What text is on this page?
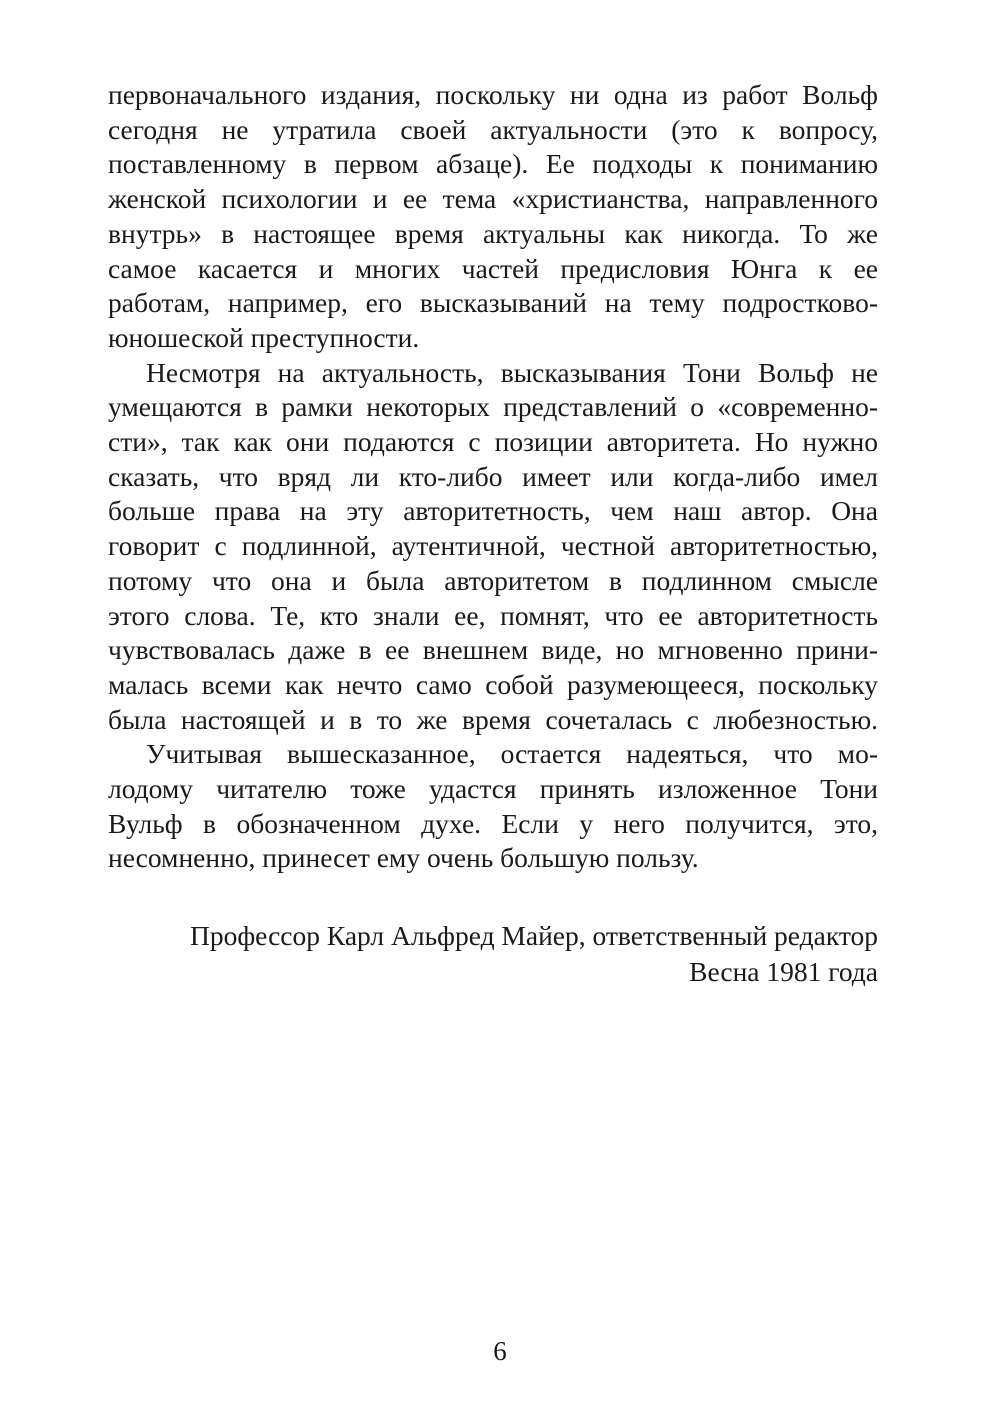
первоначального издания, поскольку ни одна из работ Вольф
сегодня не утратила своей актуальности (это к вопросу,
поставленному в первом абзаце). Ее подходы к пониманию
женской психологии и ее тема «христианства, направленного
внутрь» в настоящее время актуальны как никогда. То же
самое касается и многих частей предисловия Юнга к ее
работам, например, его высказываний на тему подростково-
юношеской преступности.

Несмотря на актуальность, высказывания Тони Вольф не
умещаются в рамки некоторых представлений о «современно-
сти», так как они подаются с позиции авторитета. Но нужно
сказать, что вряд ли кто-либо имеет или когда-либо имел
больше права на эту авторитетность, чем наш автор. Она
говорит с подлинной, аутентичной, честной авторитетностью,
потому что она и была авторитетом в подлинном смысле
этого слова. Те, кто знали ее, помнят, что ее авторитетность
чувствовалась даже в ее внешнем виде, но мгновенно прини-
малась всеми как нечто само собой разумеющееся, поскольку
была настоящей и в то же время сочеталась с любезностью.

Учитывая вышесказанное, остается надеяться, что мо-
лодому читателю тоже удастся принять изложенное Тони
Вульф в обозначенном духе. Если у него получится, это,
несомненно, принесет ему очень большую пользу.

Профессор Карл Альфред Майер, ответственный редактор
Весна 1981 года
6
